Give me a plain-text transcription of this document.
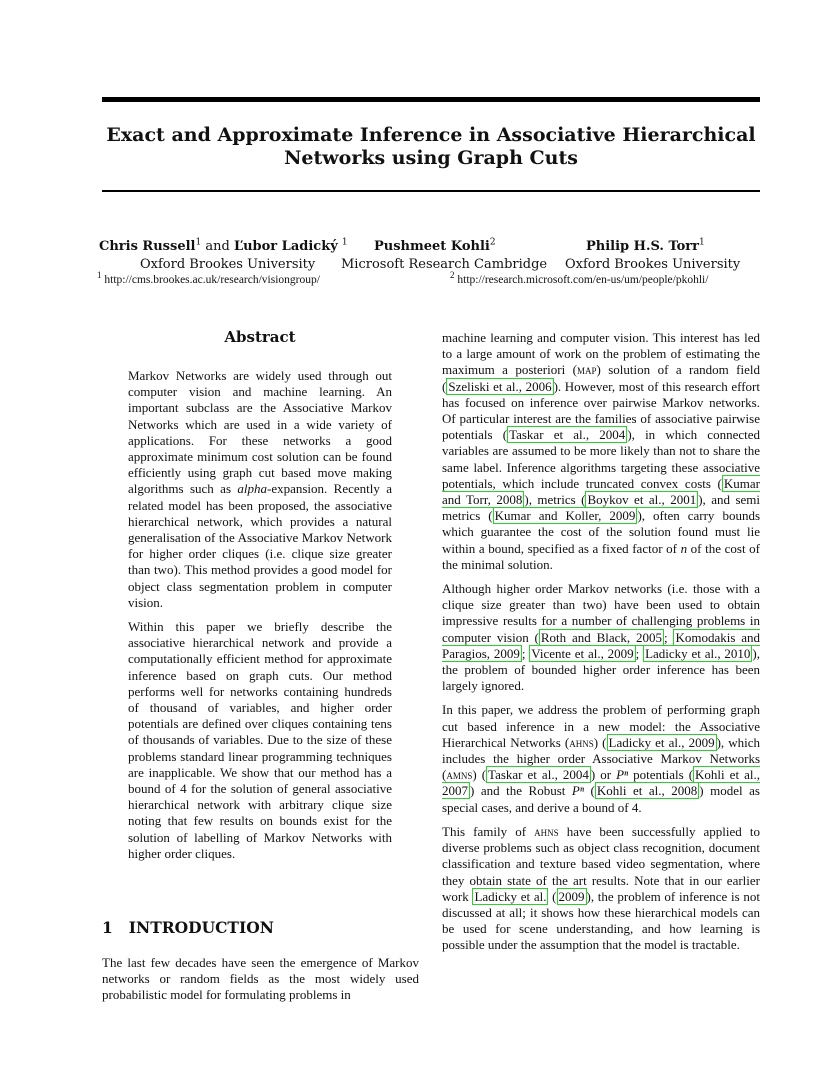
Exact and Approximate Inference in Associative Hierarchical
Networks using Graph Cuts
Chris Russell$^1$ and Ľubor Ladický $^1$ Pushmeet Kohli$^2$	Philip H.S. Torr$^1$
Oxford Brookes University Microsoft Research Cambridge Oxford Brookes University
$^1$ http://cms.brookes.ac.uk/research/visiongroup/	$^2$ http://research.microsoft.com/en-us/um/people/pkohli/
Abstract

Markov Networks are widely used through out computer vision and machine learning. An important subclass are the Associative Markov Networks which are used in a wide variety of applications. For these networks a good approximate minimum cost solution can be found efficiently using graph cut based move making algorithms such as alpha-expansion. Recently a related model has been proposed, the associative hierarchical network, which provides a natural generalisation of the Associative Markov Network for higher order cliques (i.e. clique size greater than two). This method provides a good model for object class segmentation problem in computer vision.

Within this paper we briefly describe the associative hierarchical network and provide a computationally efficient method for approximate inference based on graph cuts. Our method performs well for networks containing hundreds of thousand of variables, and higher order potentials are defined over cliques containing tens of thousands of variables. Due to the size of these problems standard linear programming techniques are inapplicable. We show that our method has a bound of 4 for the solution of general associative hierarchical network with arbitrary clique size noting that few results on bounds exist for the solution of labelling of Markov Networks with higher order cliques.

1 INTRODUCTION

The last few decades have seen the emergence of Markov networks or random fields as the most widely used probabilistic model for formulating problems in

machine learning and computer vision. This interest has led to a large amount of work on the problem of estimating the maximum a posteriori (map) solution of a random field ( Szeliski et al., 2006 ). However, most of this research effort has focused on inference over pairwise Markov networks. Of particular interest are the families of associative pairwise potentials ( Taskar et al., 2004 ), in which connected variables are assumed to be more likely than not to share the same label. Inference algorithms targeting these associative potentials, which include truncated convex costs ( Kumar and Torr, 2008 ), metrics ( Boykov et al., 2001 ), and semi metrics ( Kumar and Koller, 2009 ), often carry bounds which guarantee the cost of the solution found must lie within a bound, specified as a fixed factor of n of the cost of the minimal solution.

Although higher order Markov networks (i.e. those with a clique size greater than two) have been used to obtain impressive results for a number of challenging problems in computer vision ( Roth and Black, 2005 ; Komodakis and Paragios, 2009 ; Vicente et al., 2009 ; Ladicky et al., 2010 ), the problem of bounded higher order inference has been largely ignored.

In this paper, we address the problem of performing graph cut based inference in a new model: the Associative Hierarchical Networks (ahns) ( Ladicky et al., 2009 ), which includes the higher order Associative Markov Networks (amns) ( Taskar et al., 2004 ) or Pⁿ potentials ( Kohli et al., 2007 ) and the Robust Pⁿ ( Kohli et al., 2008 ) model as special cases, and derive a bound of 4.

This family of ahns have been successfully applied to diverse problems such as object class recognition, document classification and texture based video segmentation, where they obtain state of the art results. Note that in our earlier work Ladicky et al. ( 2009 ), the problem of inference is not discussed at all; it shows how these hierarchical models can be used for scene understanding, and how learning is possible under the assumption that the model is tractable.
